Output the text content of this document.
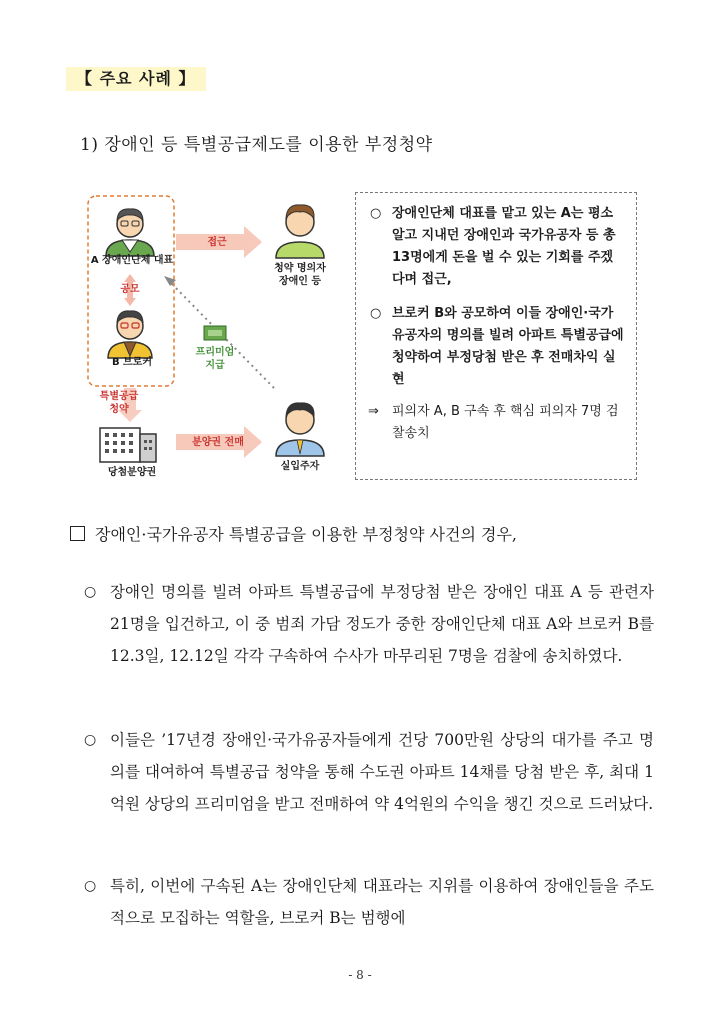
【 주요 사례 】
1) 장애인 등 특별공급제도를 이용한 부정청약
A 장애인단체 대표
B 브로커
공모
특별공급
청약
당첨분양권
접근
분양권 전매
프리미엄
지급
청약 명의자
장애인 등
실입주자
○ 장애인단체 대표를 맡고 있는 A는 평소 알고 지내던 장애인과 국가유공자 등 총 13명에게 돈을 벌 수 있는 기회를 주겠다며 접근,
○ 브로커 B와 공모하여 이들 장애인·국가유공자의 명의를 빌려 아파트 특별공급에 청약하여 부정당첨 받은 후 전매차익 실현
⇒ 피의자 A, B 구속 후 핵심 피의자 7명 검찰송치
장애인·국가유공자 특별공급을 이용한 부정청약 사건의 경우,
○ 장애인 명의를 빌려 아파트 특별공급에 부정당첨 받은 장애인 대표 A 등 관련자 21명을 입건하고, 이 중 범죄 가담 정도가 중한 장애인단체 대표 A와 브로커 B를 12.3일, 12.12일 각각 구속하여 수사가 마무리된 7명을 검찰에 송치하였다.
○ 이들은 ’17년경 장애인·국가유공자들에게 건당 700만원 상당의 대가를 주고 명의를 대여하여 특별공급 청약을 통해 수도권 아파트 14채를 당첨 받은 후, 최대 1억원 상당의 프리미엄을 받고 전매하여 약 4억원의 수익을 챙긴 것으로 드러났다.
○ 특히, 이번에 구속된 A는 장애인단체 대표라는 지위를 이용하여 장애인들을 주도적으로 모집하는 역할을, 브로커 B는 범행에
- 8 -
